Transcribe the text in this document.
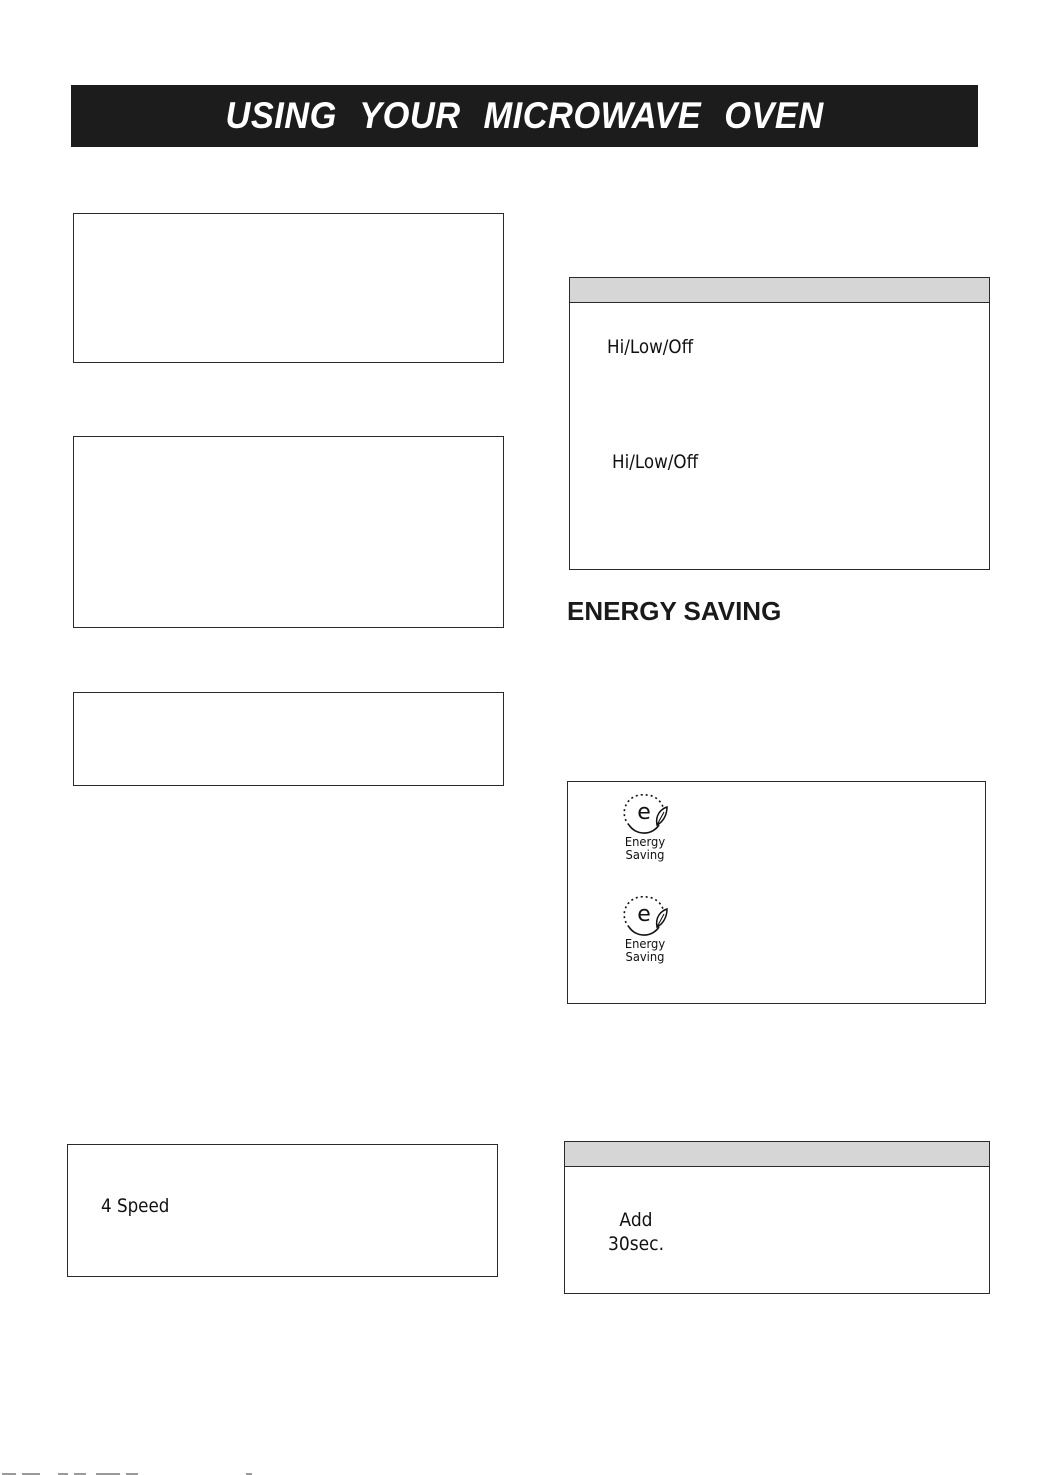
USING YOUR MICROWAVE OVEN
4 Speed
Hi/Low/Off
Hi/Low/Off
ENERGY SAVING
e
Energy
Saving
e
Energy
Saving
Add
30sec.
